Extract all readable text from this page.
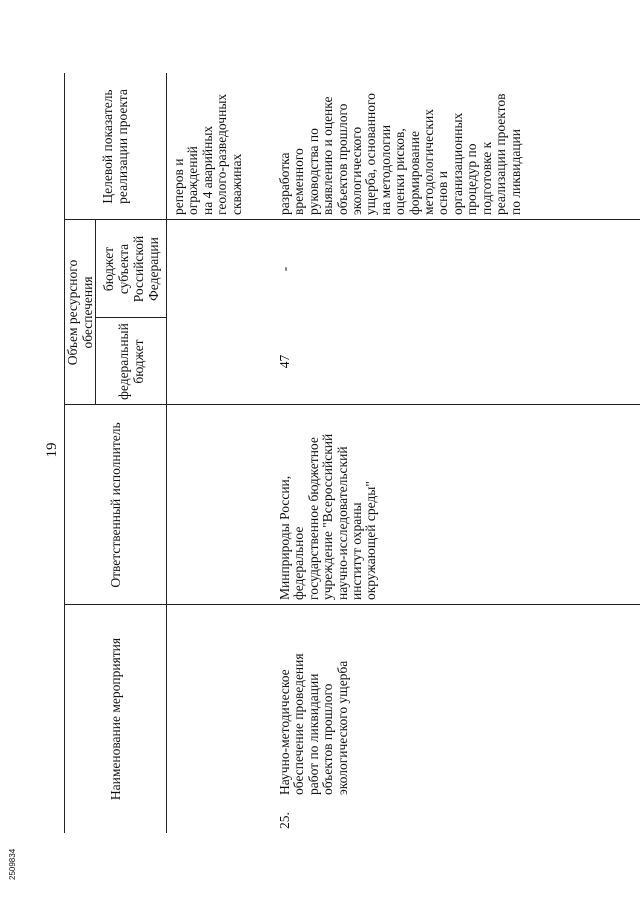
19
Наименование мероприятия
Ответственный исполнитель
Объем ресурсного обеспечения
федеральный бюджет
бюджет субъекта Российской Федерации
Целевой показатель реализации проекта	реперов и ограждений на 4 аварийных геолого-разведочных скважинах
25.
Научно-методическое обеспечение проведения работ по ликвидации объектов прошлого экологического ущерба
Минприроды России, федеральное государственное бюджетное учреждение "Всероссийский научно-исследовательский институт охраны окружающей среды"
47
-
разработка временного руководства по выявлению и оценке объектов прошлого экологического ущерба, основанного на методологии оценки рисков, формирование методологических основ и организационных процедур по подготовке к реализации проектов по ликвидации
2509834
